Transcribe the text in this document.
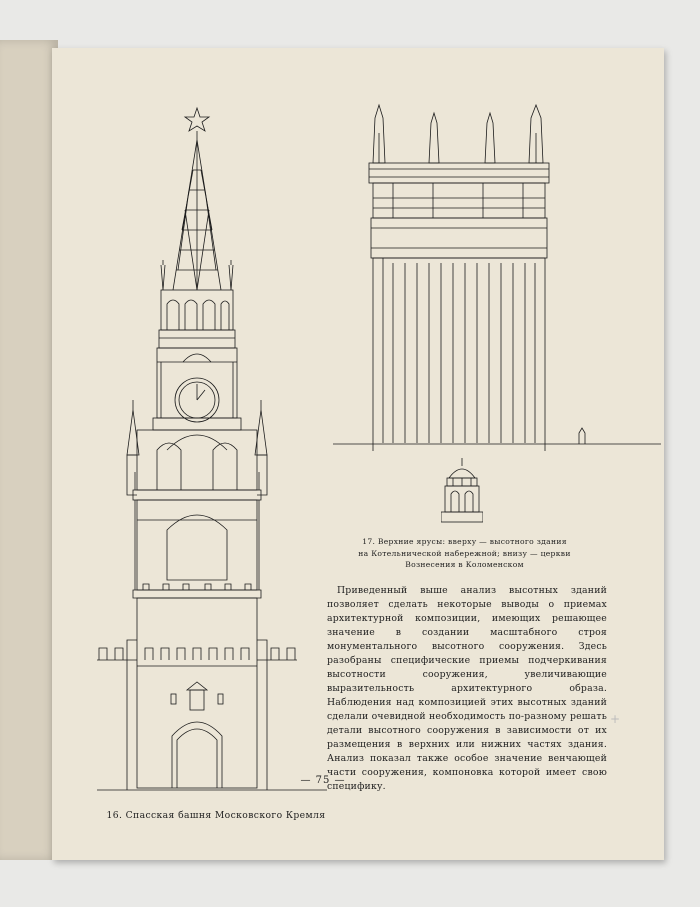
16. Спасская башня Московского Кремля
17. Верхние ярусы: вверху — высотного здания
на Котельнической набережной; внизу — церкви
Вознесения в Коломенском
Приведенный выше анализ высотных зданий позволяет сделать некоторые выводы о приемах архитектурной композиции, имеющих решающее значение в создании масштабного строя монументального высотного сооружения. Здесь разобраны специфические приемы подчеркивания высотности сооружения, увеличивающие выразительность архитектурного образа. Наблюдения над композицией этих высотных зданий сделали очевидной необходимость по-разному решать детали высотного сооружения в зависимости от их размещения в верхних или нижних частях здания. Анализ показал также особое значение венчающей части сооружения, компоновка которой имеет свою специфику.
— 75 —
+
